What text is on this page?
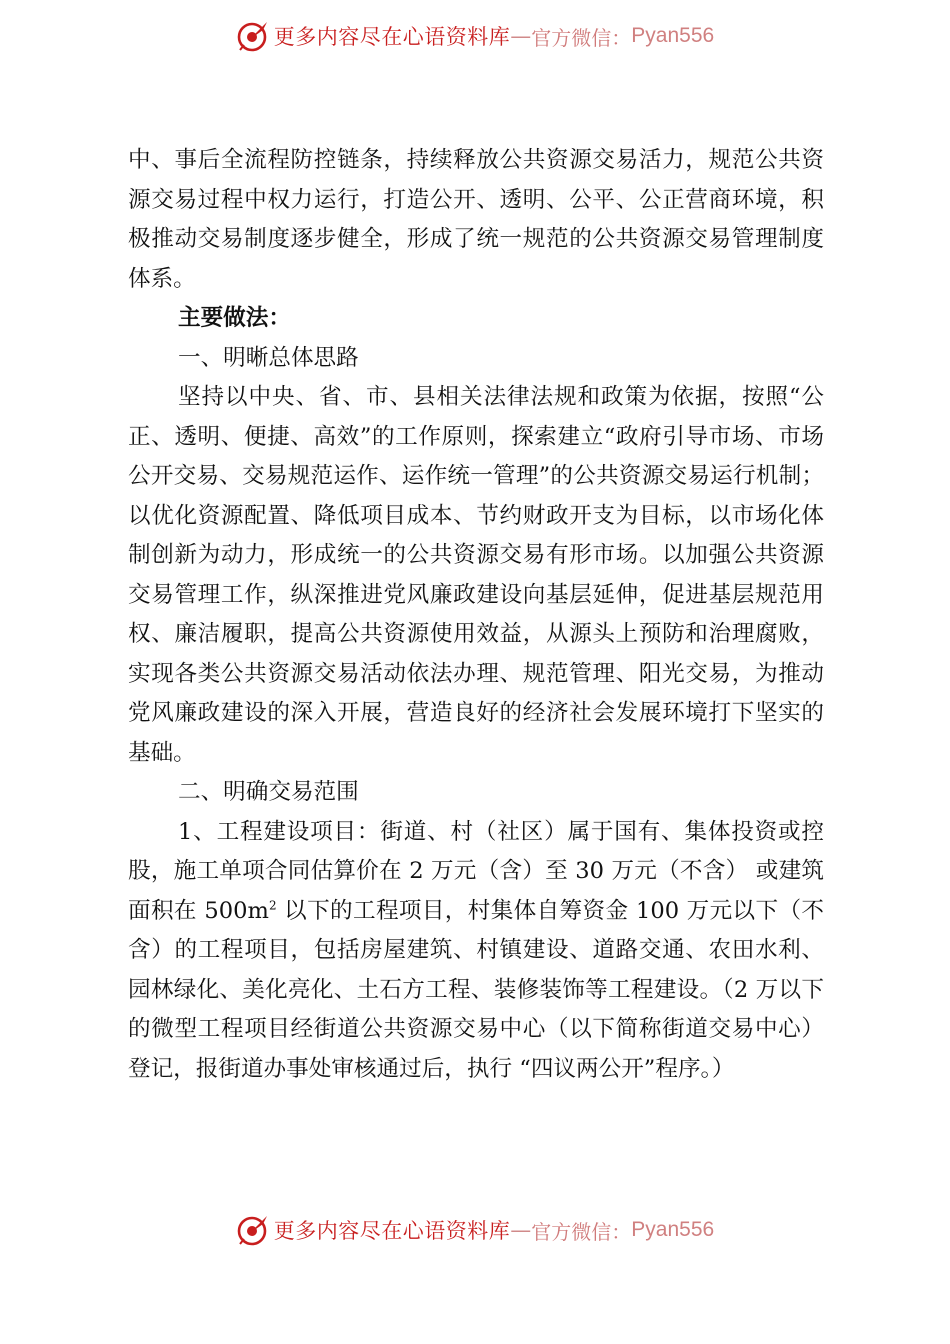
更多内容尽在心语资料库 — 官方微信： Pyan556

中、事后全流程防控链条，持续释放公共资源交易活力，规范公共资源交易过程中权力运行，打造公开、透明、公平、公正营商环境，积极推动交易制度逐步健全，形成了统一规范的公共资源交易管理制度体系。

主要做法：

一、明晰总体思路

坚持以中央、省、市、县相关法律法规和政策为依据，按照“公正、透明、便捷、高效”的工作原则，探索建立“政府引导市场、市场公开交易、交易规范运作、运作统一管理”的公共资源交易运行机制；以优化资源配置、降低项目成本、节约财政开支为目标，以市场化体制创新为动力，形成统一的公共资源交易有形市场。以加强公共资源交易管理工作，纵深推进党风廉政建设向基层延伸，促进基层规范用权、廉洁履职，提高公共资源使用效益，从源头上预防和治理腐败，实现各类公共资源交易活动依法办理、规范管理、阳光交易，为推动党风廉政建设的深入开展，营造良好的经济社会发展环境打下坚实的基础。

二、明确交易范围

1、工程建设项目：街道、村（社区）属于国有、集体投资或控股，施工单项合同估算价在 2 万元（含）至 30 万元（不含） 或建筑面积在 $500m^2$ 以下的工程项目，村集体自筹资金 100 万元以下（不含）的工程项目，包括房屋建筑、村镇建设、道路交通、农田水利、园林绿化、美化亮化、土石方工程、装修装饰等工程建设。（2 万以下的微型工程项目经街道公共资源交易中心（以下简称街道交易中心）登记，报街道办事处审核通过后，执行 “四议两公开”程序。）

更多内容尽在心语资料库 — 官方微信： Pyan556
